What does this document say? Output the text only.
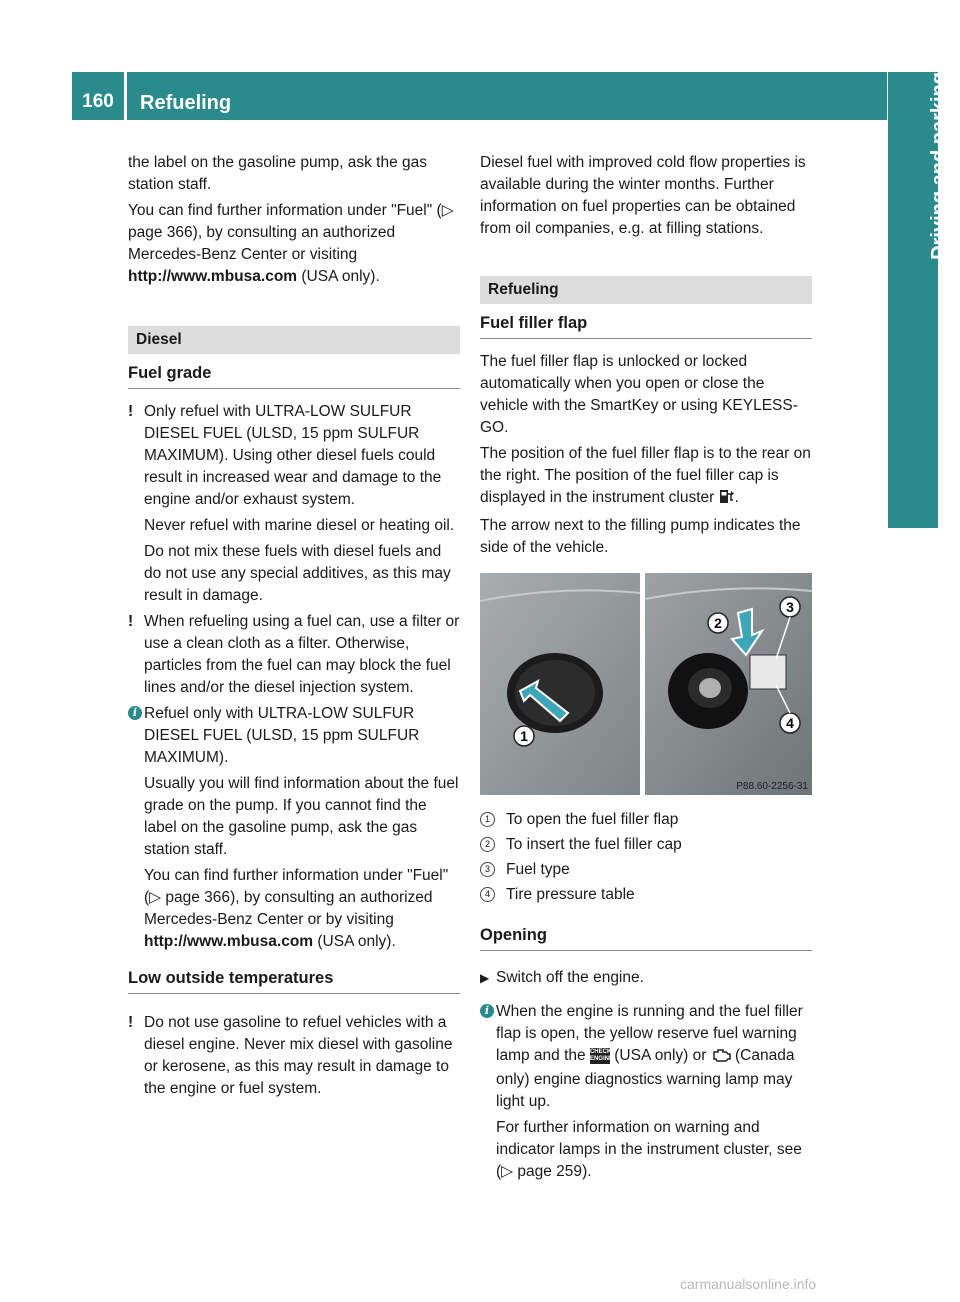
160	Refueling	Driving and parking

the label on the gasoline pump, ask the gas station staff.

You can find further information under "Fuel" (▷ page 366), by consulting an authorized Mercedes-Benz Center or visiting http://www.mbusa.com (USA only).

Diesel
Fuel grade
! Only refuel with ULTRA-LOW SULFUR DIESEL FUEL (ULSD, 15 ppm SULFUR MAXIMUM). Using other diesel fuels could result in increased wear and damage to the engine and/or exhaust system.

Never refuel with marine diesel or heating oil.

Do not mix these fuels with diesel fuels and do not use any special additives, as this may result in damage.

! When refueling using a fuel can, use a filter or use a clean cloth as a filter. Otherwise, particles from the fuel can may block the fuel lines and/or the diesel injection system.

i Refuel only with ULTRA-LOW SULFUR DIESEL FUEL (ULSD, 15 ppm SULFUR MAXIMUM).

Usually you will find information about the fuel grade on the pump. If you cannot find the label on the gasoline pump, ask the gas station staff.

You can find further information under "Fuel" (▷ page 366), by consulting an authorized Mercedes-Benz Center or by visiting http://www.mbusa.com (USA only).

Low outside temperatures
! Do not use gasoline to refuel vehicles with a diesel engine. Never mix diesel with gasoline or kerosene, as this may result in damage to the engine or fuel system.

Diesel fuel with improved cold flow properties is available during the winter months. Further information on fuel properties can be obtained from oil companies, e.g. at filling stations.

Refueling
Fuel filler flap

The fuel filler flap is unlocked or locked automatically when you open or close the vehicle with the SmartKey or using KEYLESS-GO.

The position of the fuel filler flap is to the rear on the right. The position of the fuel filler cap is displayed in the instrument cluster .

The arrow next to the filling pump indicates the side of the vehicle.

1
2
3
4
P88.60-2256-31
1	To open the fuel filler flap
2	To insert the fuel filler cap
3	Fuel type
4	Tire pressure table
Opening
▶ Switch off the engine.
i When the engine is running and the fuel filler flap is open, the yellow reserve fuel warning lamp and the CHECK ENGINE (USA only) or  (Canada only) engine diagnostics warning lamp may light up.

For further information on warning and indicator lamps in the instrument cluster, see (▷ page 259).

carmanualsonline.info
